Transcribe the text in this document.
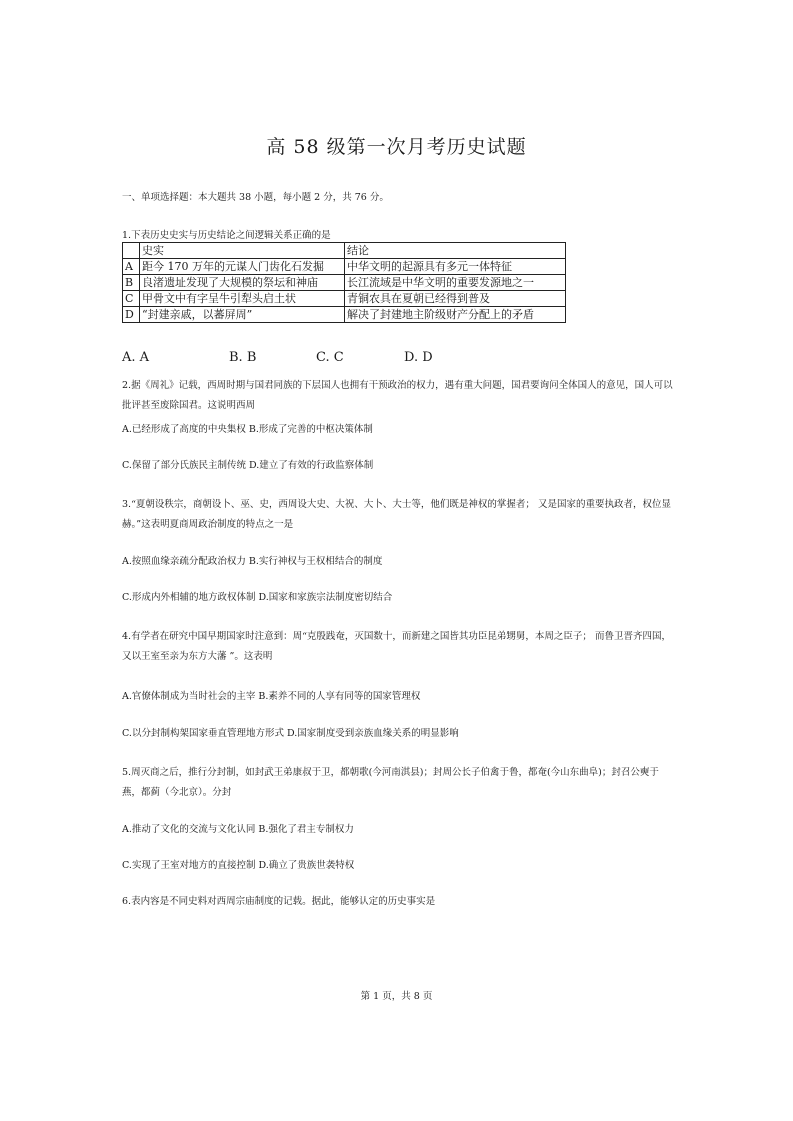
高 58 级第一次月考历史试题
一、单项选择题：本大题共 38 小题，每小题 2 分，共 76 分。
1.下表历史史实与历史结论之间逻辑关系正确的是
	史实	结论
A	距今 170 万年的元谋人门齿化石发掘	中华文明的起源具有多元一体特征
B	良渚遗址发现了大规模的祭坛和神庙	长江流域是中华文明的重要发源地之一
C	甲骨文中有字呈牛引犁头启土状	青铜农具在夏朝已经得到普及
D	“封建亲戚，以蕃屏周”	解决了封建地主阶级财产分配上的矛盾
A. A	B. B	C. C	D. D
2.据《周礼》记载，西周时期与国君同族的下层国人也拥有干预政治的权力，遇有重大问题，国君要询问全体国人的意见，国人可以批评甚至废除国君。这说明西周
A.已经形成了高度的中央集权 B.形成了完善的中枢决策体制
C.保留了部分氏族民主制传统 D.建立了有效的行政监察体制
3.“夏朝设秩宗，商朝设卜、巫、史，西周设大史、大祝、大卜、大士等，他们既是神权的掌握者； 又是国家的重要执政者，权位显赫。”这表明夏商周政治制度的特点之一是
A.按照血缘亲疏分配政治权力 B.实行神权与王权相结合的制度
C.形成内外相辅的地方政权体制 D.国家和家族宗法制度密切结合
4.有学者在研究中国早期国家时注意到：周“克殷践奄，灭国数十，而新建之国皆其功臣昆弟甥舅，本周之臣子； 而鲁卫晋齐四国，又以王室至亲为东方大藩 ”。这表明
A.官僚体制成为当时社会的主宰 B.素养不同的人享有同等的国家管理权
C.以分封制构架国家垂直管理地方形式 D.国家制度受到亲族血缘关系的明显影响
5.周灭商之后，推行分封制，如封武王弟康叔于卫，都朝歌(今河南淇县)；封周公长子伯禽于鲁，都奄(今山东曲阜)；封召公奭于燕，都蓟（今北京）。分封
A.推动了文化的交流与文化认同 B.强化了君主专制权力
C.实现了王室对地方的直接控制 D.确立了贵族世袭特权
6.表内容是不同史料对西周宗庙制度的记载。据此，能够认定的历史事实是
第 1 页，共 8 页
